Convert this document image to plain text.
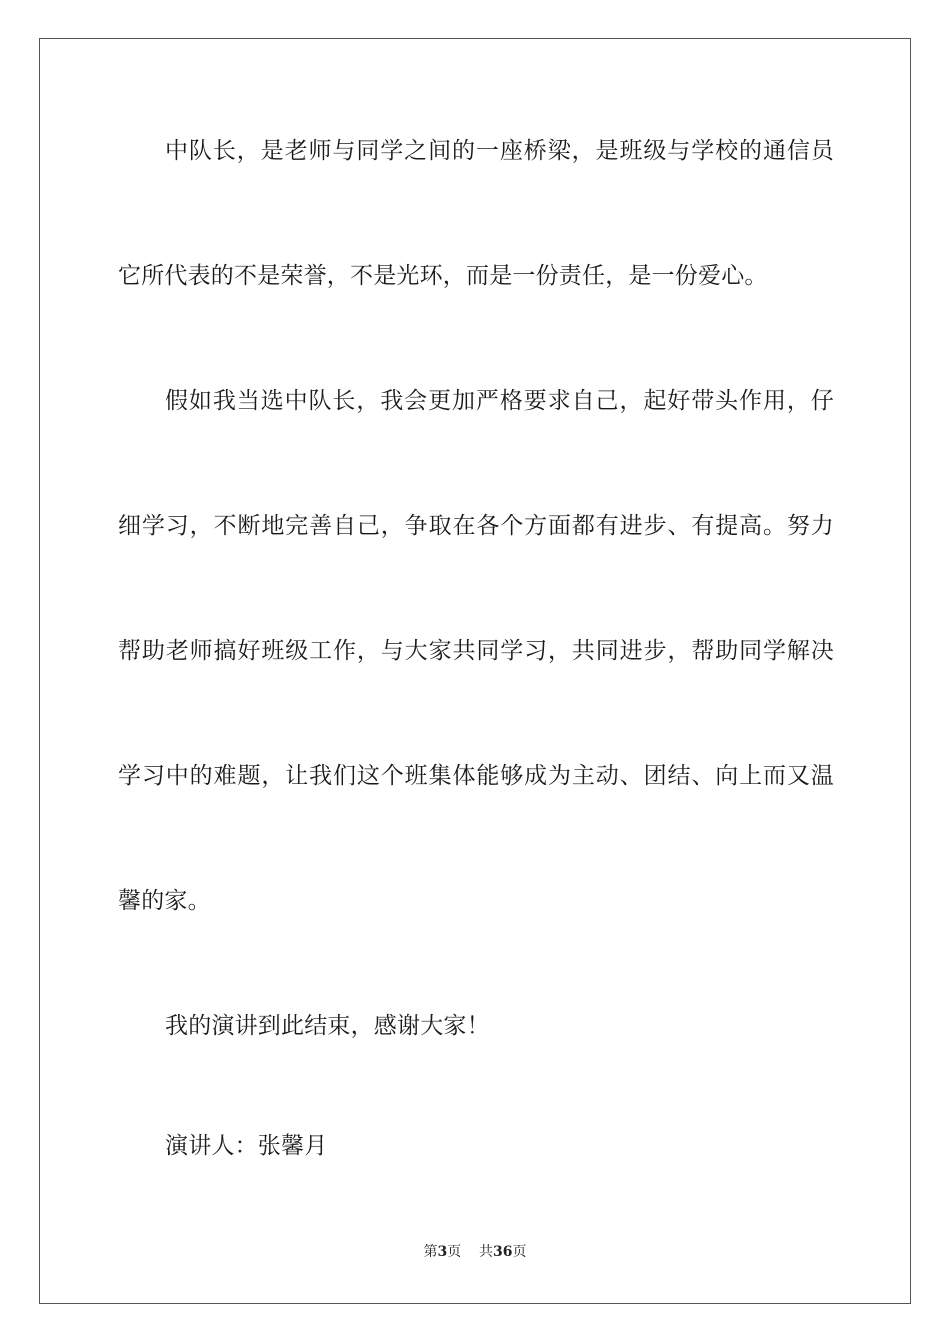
中队长，是老师与同学之间的一座桥梁，是班级与学校的通信员
它所代表的不是荣誉，不是光环，而是一份责任，是一份爱心。
假如我当选中队长，我会更加严格要求自己，起好带头作用，仔
细学习，不断地完善自己，争取在各个方面都有进步、有提高。努力
帮助老师搞好班级工作，与大家共同学习，共同进步，帮助同学解决
学习中的难题，让我们这个班集体能够成为主动、团结、向上而又温
馨的家。
我的演讲到此结束，感谢大家！
演讲人：张馨月
第3页 共36页
